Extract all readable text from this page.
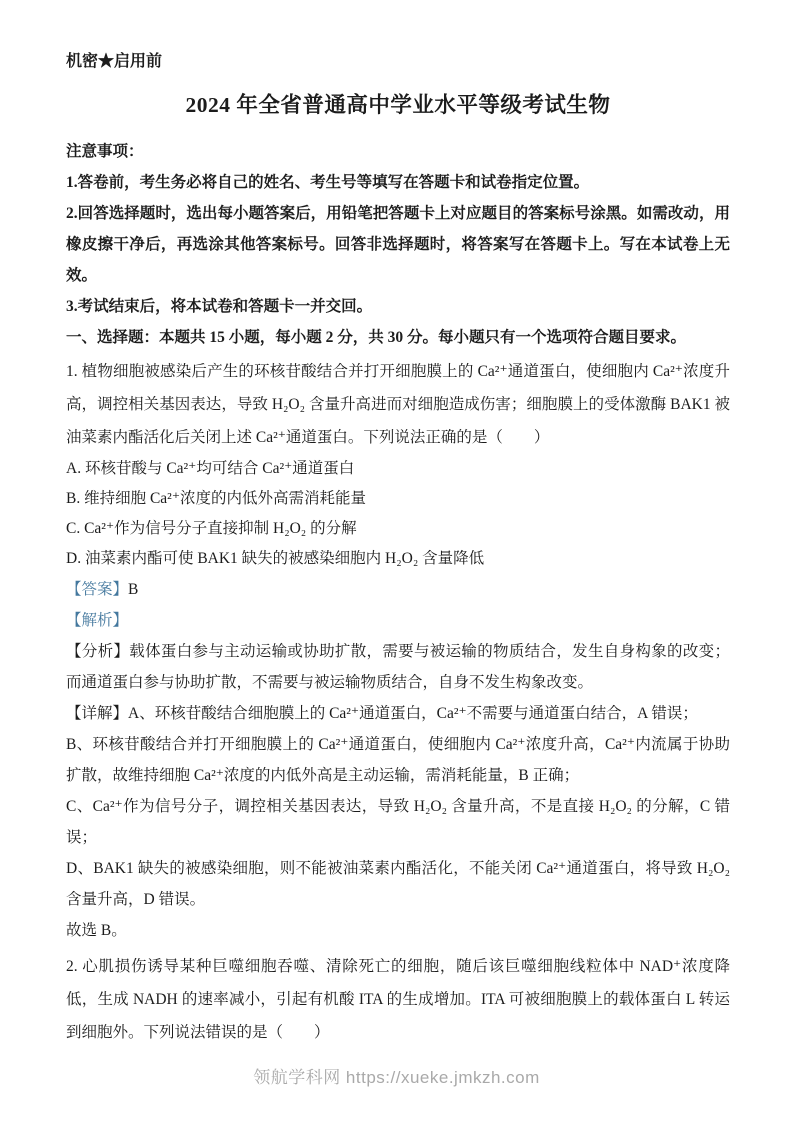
机密★启用前
2024 年全省普通高中学业水平等级考试生物
注意事项：

1.答卷前，考生务必将自己的姓名、考生号等填写在答题卡和试卷指定位置。

2.回答选择题时，选出每小题答案后，用铅笔把答题卡上对应题目的答案标号涂黑。如需改动，用橡皮擦干净后，再选涂其他答案标号。回答非选择题时，将答案写在答题卡上。写在本试卷上无效。

3.考试结束后，将本试卷和答题卡一并交回。

一、选择题：本题共 15 小题，每小题 2 分，共 30 分。每小题只有一个选项符合题目要求。

1. 植物细胞被感染后产生的环核苷酸结合并打开细胞膜上的 Ca²⁺通道蛋白，使细胞内 Ca²⁺浓度升高，调控相关基因表达，导致 H₂O₂ 含量升高进而对细胞造成伤害；细胞膜上的受体激酶 BAK1 被油菜素内酯活化后关闭上述 Ca²⁺通道蛋白。下列说法正确的是（　　）

A. 环核苷酸与 Ca²⁺均可结合 Ca²⁺通道蛋白

B. 维持细胞 Ca²⁺浓度的内低外高需消耗能量

C. Ca²⁺作为信号分子直接抑制 H₂O₂ 的分解

D. 油菜素内酯可使 BAK1 缺失的被感染细胞内 H₂O₂ 含量降低

【答案】B

【解析】

【分析】载体蛋白参与主动运输或协助扩散，需要与被运输的物质结合，发生自身构象的改变；而通道蛋白参与协助扩散，不需要与被运输物质结合，自身不发生构象改变。

【详解】A、环核苷酸结合细胞膜上的 Ca²⁺通道蛋白，Ca²⁺不需要与通道蛋白结合，A 错误；

B、环核苷酸结合并打开细胞膜上的 Ca²⁺通道蛋白，使细胞内 Ca²⁺浓度升高，Ca²⁺内流属于协助扩散，故维持细胞 Ca²⁺浓度的内低外高是主动运输，需消耗能量，B 正确；

C、Ca²⁺作为信号分子，调控相关基因表达，导致 H₂O₂ 含量升高，不是直接 H₂O₂ 的分解，C 错误；

D、BAK1 缺失的被感染细胞，则不能被油菜素内酯活化，不能关闭 Ca²⁺通道蛋白，将导致 H₂O₂ 含量升高，D 错误。

故选 B。

2. 心肌损伤诱导某种巨噬细胞吞噬、清除死亡的细胞，随后该巨噬细胞线粒体中 NAD⁺浓度降低，生成 NADH 的速率减小，引起有机酸 ITA 的生成增加。ITA 可被细胞膜上的载体蛋白 L 转运到细胞外。下列说法错误的是（　　）

领航学科网 https://xueke.jmkzh.com
